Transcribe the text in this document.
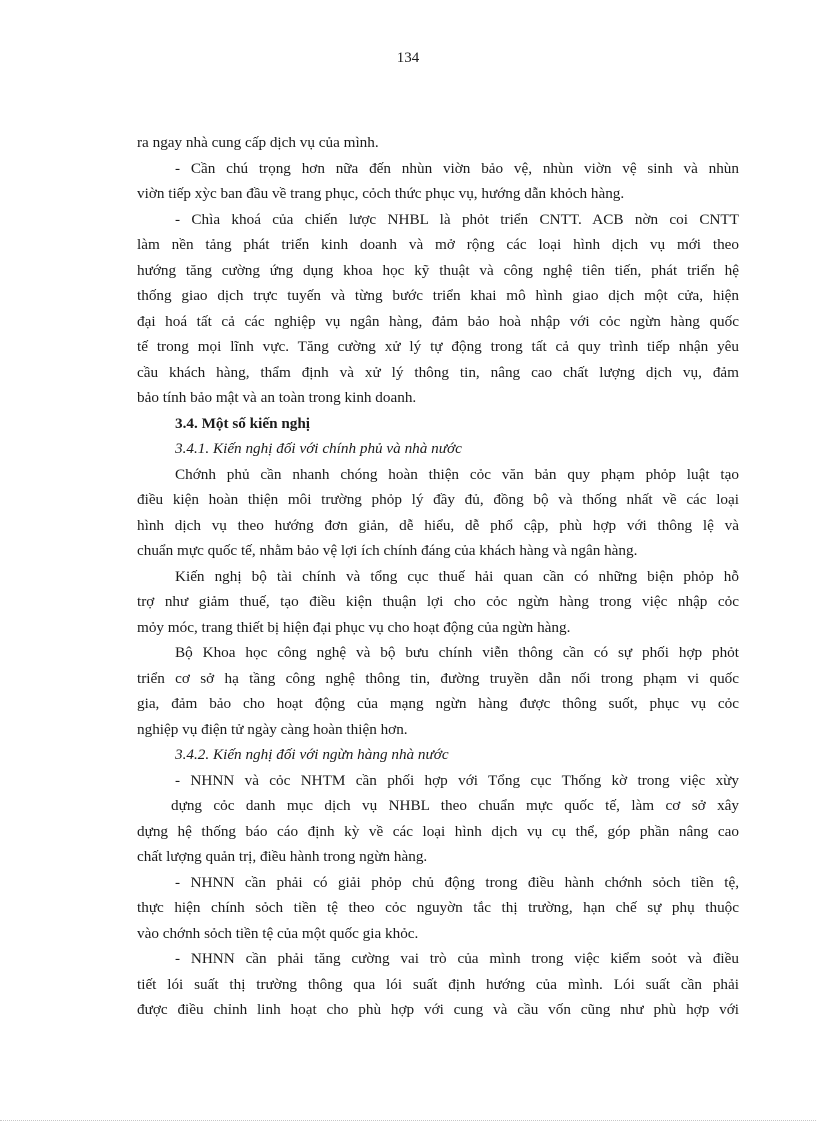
134
ra ngay nhà cung cấp dịch vụ của mình.
- Cần chú trọng hơn nữa đến nhùn viờn bảo vệ, nhùn viờn vệ sinh và nhùn
viờn tiếp xỳc ban đầu về trang phục, cỏch thức phục vụ, hướng dẫn khỏch hàng.
- Chìa khoá của chiến lược NHBL là phỏt triển CNTT. ACB nờn coi CNTT
làm nền tảng phát triển kinh doanh và mở rộng các loại hình dịch vụ mới theo
hướng tăng cường ứng dụng khoa học kỹ thuật và công nghệ tiên tiến, phát triển hệ
thống giao dịch trực tuyến và từng bước triển khai mô hình giao dịch một cửa, hiện
đại hoá tất cả các nghiệp vụ ngân hàng, đảm bảo hoà nhập với cỏc ngừn hàng quốc
tế trong mọi lĩnh vực. Tăng cường xử lý tự động trong tất cả quy trình tiếp nhận yêu
cầu khách hàng, thẩm định và xử lý thông tin, nâng cao chất lượng dịch vụ, đảm
bảo tính bảo mật và an toàn trong kinh doanh.
3.4. Một số kiến nghị
3.4.1. Kiến nghị đối với chính phủ và nhà nước
Chớnh phủ cần nhanh chóng hoàn thiện cỏc văn bản quy phạm phỏp luật tạo
điều kiện hoàn thiện môi trường phỏp lý đầy đủ, đồng bộ và thống nhất về các loại
hình dịch vụ theo hướng đơn giản, dễ hiểu, dễ phổ cập, phù hợp với thông lệ và
chuẩn mực quốc tế, nhằm bảo vệ lợi ích chính đáng của khách hàng và ngân hàng.
Kiến nghị bộ tài chính và tổng cục thuế hải quan cần có những biện phỏp hỗ
trợ như giảm thuế, tạo điều kiện thuận lợi cho cỏc ngừn hàng trong việc nhập cỏc
mỏy móc, trang thiết bị hiện đại phục vụ cho hoạt động của ngừn hàng.
Bộ Khoa học công nghệ và bộ bưu chính viễn thông cần có sự phối hợp phỏt
triển cơ sở hạ tầng công nghệ thông tin, đường truyền dẫn nối trong phạm vi quốc
gia, đảm bảo cho hoạt động của mạng ngừn hàng được thông suốt, phục vụ cỏc
nghiệp vụ điện tử ngày càng hoàn thiện hơn.
3.4.2. Kiến nghị đối với ngừn hàng nhà nước
- NHNN và cỏc NHTM cần phối hợp với Tổng cục Thống kờ trong việc xừy
dựng cỏc danh mục dịch vụ NHBL theo chuẩn mực quốc tế, làm cơ sở xây
dựng hệ thống báo cáo định kỳ về các loại hình dịch vụ cụ thể, góp phần nâng cao
chất lượng quản trị, điều hành trong ngừn hàng.
- NHNN cần phải có giải phỏp chủ động trong điều hành chớnh sỏch tiền tệ,
thực hiện chính sỏch tiền tệ theo cỏc nguyờn tắc thị trường, hạn chế sự phụ thuộc
vào chớnh sỏch tiền tệ của một quốc gia khỏc.
- NHNN cần phải tăng cường vai trò của mình trong việc kiểm soỏt và điều
tiết lói suất thị trường thông qua lói suất định hướng của mình. Lói suất cần phải
được điều chỉnh linh hoạt cho phù hợp với cung và cầu vốn cũng như phù hợp với
